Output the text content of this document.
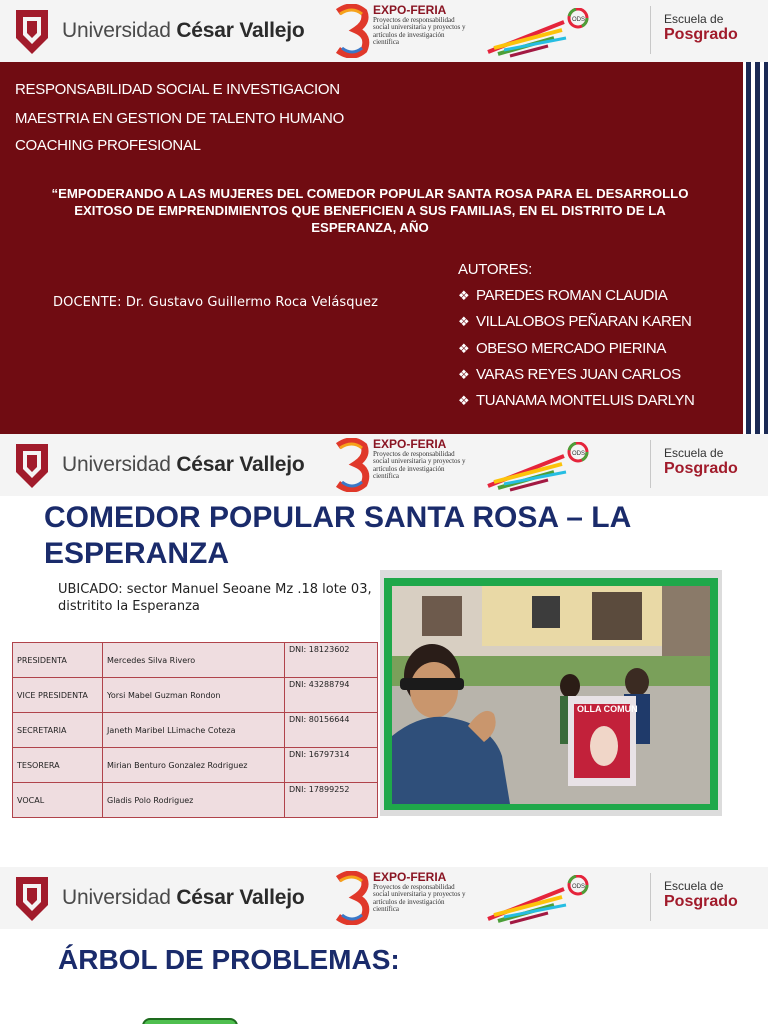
Universidad César Vallejo
EXPO-FERIA
Proyectos de responsabilidad social universitaria y proyectos y artículos de investigación científica
ODS	Escuela de
Posgrado
RESPONSABILIDAD SOCIAL E INVESTIGACION
MAESTRIA EN GESTION DE TALENTO HUMANO
COACHING PROFESIONAL
“EMPODERANDO A LAS MUJERES DEL COMEDOR POPULAR SANTA ROSA PARA EL DESARROLLO EXITOSO DE EMPRENDIMIENTOS QUE BENEFICIEN A SUS FAMILIAS, EN EL DISTRITO DE LA ESPERANZA, AÑO
DOCENTE: Dr. Gustavo Guillermo Roca Velásquez
AUTORES:
❖ PAREDES ROMAN CLAUDIA
❖ VILLALOBOS PEÑARAN KAREN
❖ OBESO MERCADO PIERINA
❖ VARAS REYES JUAN CARLOS
❖ TUANAMA MONTELUIS DARLYN
Universidad César Vallejo
EXPO-FERIA
Proyectos de responsabilidad social universitaria y proyectos y artículos de investigación científica
ODS	Escuela de
Posgrado
COMEDOR POPULAR SANTA ROSA – LA ESPERANZA
UBICADO: sector Manuel Seoane Mz .18 lote 03,
distritito la Esperanza
PRESIDENTA	Mercedes Silva Rivero	DNI: 18123602
VICE PRESIDENTA	Yorsi Mabel Guzman Rondon	DNI: 43288794
SECRETARIA	Janeth Maribel LLimache Coteza	DNI: 80156644
TESORERA	Mirian Benturo Gonzalez Rodriguez	DNI: 16797314
VOCAL	Gladis Polo Rodriguez	DNI: 17899252
OLLA COMUN
Universidad César Vallejo
EXPO-FERIA
Proyectos de responsabilidad social universitaria y proyectos y artículos de investigación científica
ODS	Escuela de
Posgrado
ÁRBOL DE PROBLEMAS:
